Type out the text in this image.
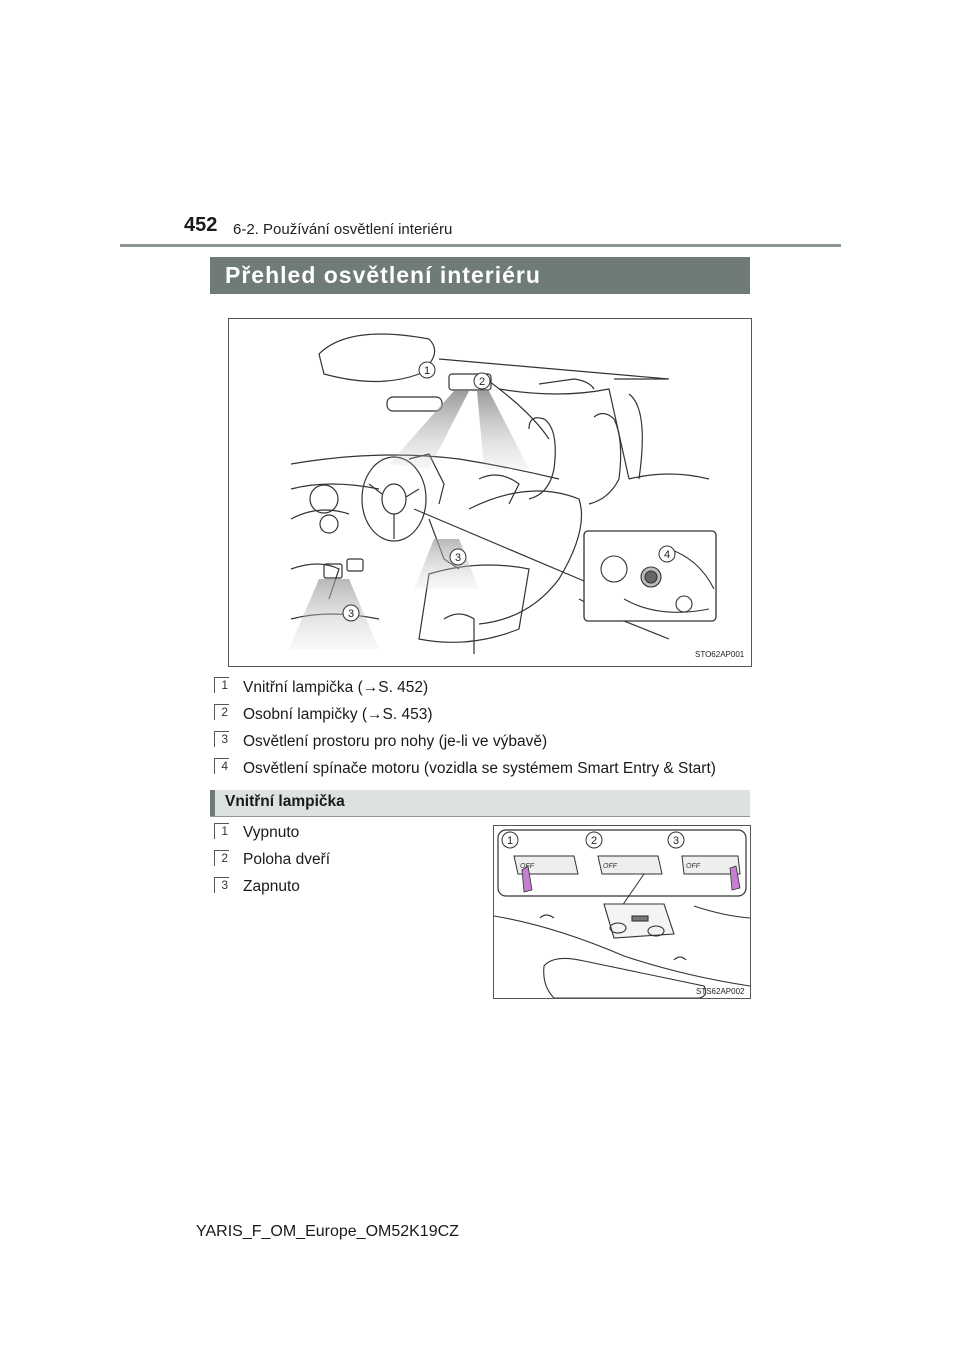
452 6-2. Používání osvětlení interiéru
Přehled osvětlení interiéru
1
2
3
3
4
STO62AP001
1 Vnitřní lampička (→S. 452)
2 Osobní lampičky (→S. 453)
3 Osvětlení prostoru pro nohy (je-li ve výbavě)
4 Osvětlení spínače motoru (vozidla se systémem Smart Entry & Start)
Vnitřní lampička
1 Vypnuto
2 Poloha dveří
3 Zapnuto
OFF	OFF	OFF
1	2	3
STS62AP002
YARIS_F_OM_Europe_OM52K19CZ
